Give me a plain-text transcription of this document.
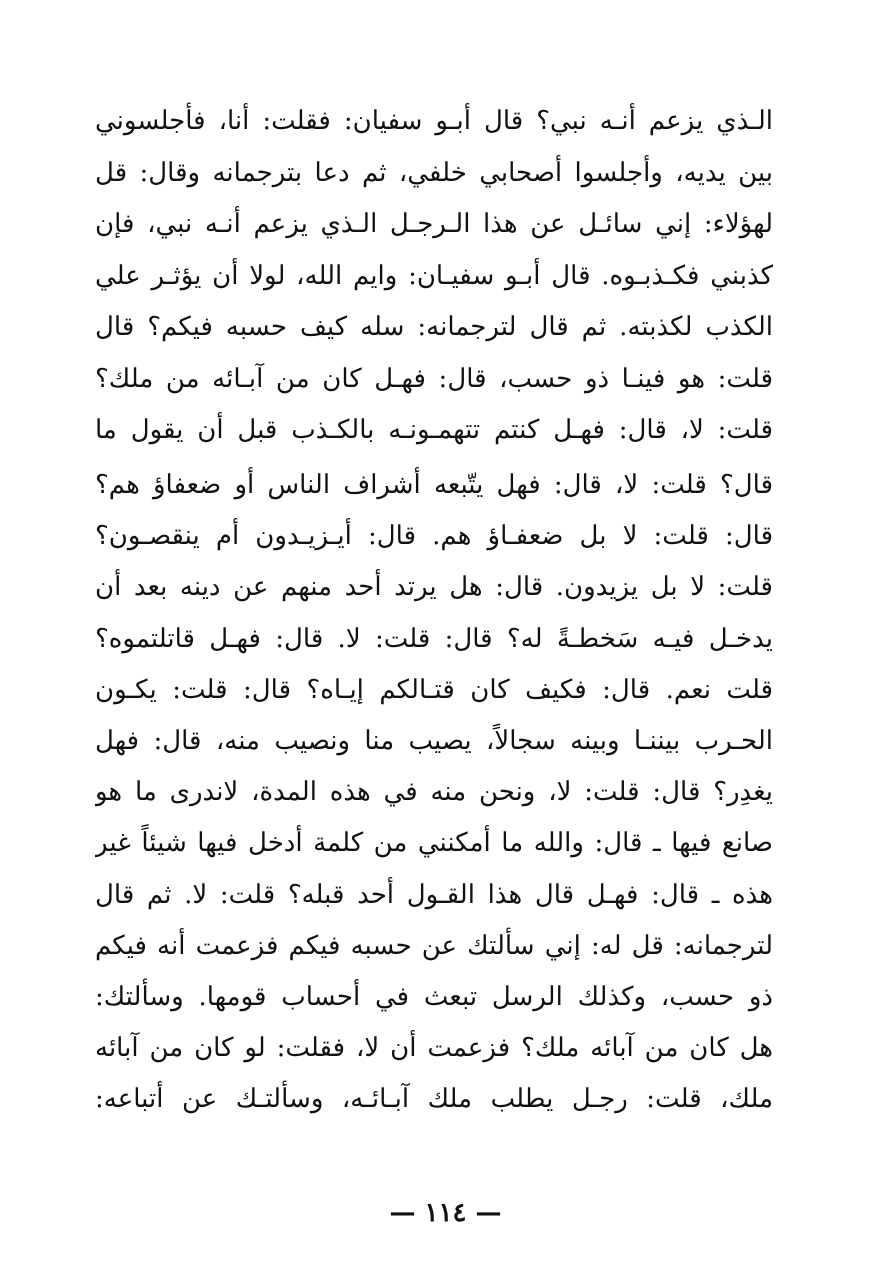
الـذي يزعم أنـه نبي؟ قال أبـو سفيان: فقلت: أنا، فأجلسوني
بين يديه، وأجلسوا أصحابي خلفي، ثم دعا بترجمانه وقال: قل
لهؤلاء: إني سائـل عن هذا الـرجـل الـذي يزعم أنـه نبي، فإن
كذبني فكـذبـوه. قال أبـو سفيـان: وايم الله، لولا أن يؤثـر علي
الكذب لكذبته. ثم قال لترجمانه: سله كيف حسبه فيكم؟ قال
قلت: هو فينـا ذو حسب، قال: فهـل كان من آبـائه من ملك؟
قلت: لا، قال: فهـل كنتم تتهمـونـه بالكـذب قبل أن يقول ما
قال؟ قلت: لا، قال: فهل يتّبعه أشراف الناس أو ضعفاؤ هم؟
قال: قلت: لا بل ضعفـاؤ هم. قال: أيـزيـدون أم ينقصـون؟
قلت: لا بل يزيدون. قال: هل يرتد أحد منهم عن دينه بعد أن
يدخـل فيـه سَخطـةً له؟ قال: قلت: لا. قال: فهـل قاتلتموه؟
قلت نعم. قال: فكيف كان قتـالكم إيـاه؟ قال: قلت: يكـون
الحـرب بيننـا وبينه سجالاً، يصيب منا ونصيب منه، قال: فهل
يغدِر؟ قال: قلت: لا، ونحن منه في هذه المدة، لاندرى ما هو
صانع فيها ـ قال: والله ما أمكنني من كلمة أدخل فيها شيئاً غير
هذه ـ قال: فهـل قال هذا القـول أحد قبله؟ قلت: لا. ثم قال
لترجمانه: قل له: إني سألتك عن حسبه فيكم فزعمت أنه فيكم
ذو حسب، وكذلك الرسل تبعث في أحساب قومها. وسألتك:
هل كان من آبائه ملك؟ فزعمت أن لا، فقلت: لو كان من آبائه
ملك، قلت: رجـل يطلب ملك آبـائـه، وسألتـك عن أتباعه:
— ١١٤ —
